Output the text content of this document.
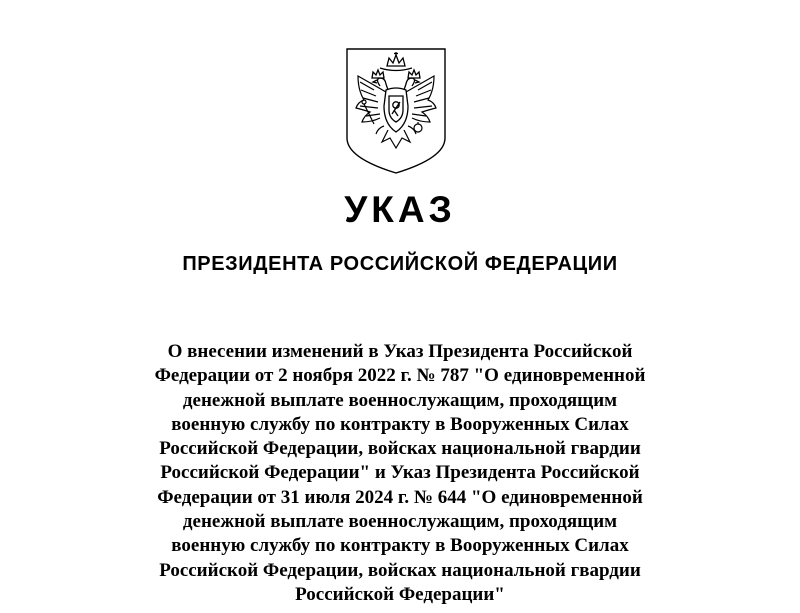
УКАЗ
ПРЕЗИДЕНТА РОССИЙСКОЙ ФЕДЕРАЦИИ
О внесении изменений в Указ Президента Российской
Федерации от 2 ноября 2022 г. № 787 "О единовременной
денежной выплате военнослужащим, проходящим
военную службу по контракту в Вооруженных Силах
Российской Федерации, войсках национальной гвардии
Российской Федерации" и Указ Президента Российской
Федерации от 31 июля 2024 г. № 644 "О единовременной
денежной выплате военнослужащим, проходящим
военную службу по контракту в Вооруженных Силах
Российской Федерации, войсках национальной гвардии
Российской Федерации"
